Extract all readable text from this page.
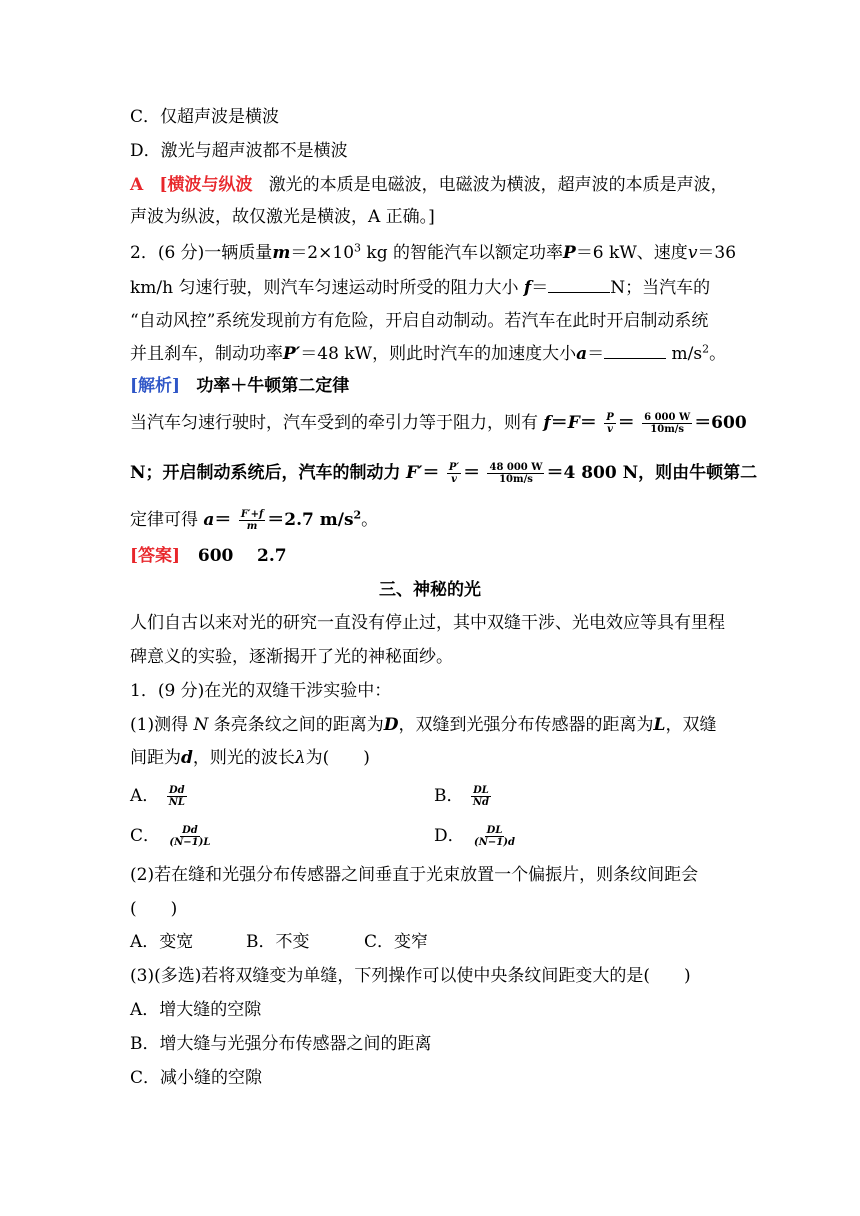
C．仅超声波是横波
D．激光与超声波都不是横波
A [横波与纵波 激光的本质是电磁波，电磁波为横波，超声波的本质是声波，
声波为纵波，故仅激光是横波，A 正确。]
2．(6 分)一辆质量$m=2\times 10^3$ kg 的智能汽车以额定功率P＝6 kW、速度v＝36
km/h 匀速行驶，则汽车匀速运动时所受的阻力大小 f＝	N；当汽车的
“自动风控”系统发现前方有危险，开启自动制动。若汽车在此时开启制动系统
并且刹车，制动功率P′＝48 kW，则此时汽车的加速度大小a＝	$m/s^2$。
[解析] 功率＋牛顿第二定律
当汽车匀速行驶时，汽车受到的牵引力等于阻力，则有 $f=F= \frac{P}{v} = \frac{6 000 W}{10m/s} =600$
N；开启制动系统后，汽车的制动力 $F'= \frac{P'}{v} = \frac{48 000 W}{10m/s} =4$ 800 N，则由牛顿第二
定律可得 $a= \frac{F'+f}{m} =2.7$ $m/s^2$。
[答案] 600    2.7
三、神秘的光
人们自古以来对光的研究一直没有停止过，其中双缝干涉、光电效应等具有里程
碑意义的实验，逐渐揭开了光的神秘面纱。
1．(9 分)在光的双缝干涉实验中：
(1)测得 N 条亮条纹之间的距离为D，双缝到光强分布传感器的距离为L，双缝
间距为d，则光的波长λ为(　　)
A． $\frac{Dd}{NL}$	B． $\frac{DL}{Nd}$
C． $\frac{Dd}{(N-1)L}$	D． $\frac{DL}{(N-1)d}$
(2)若在缝和光强分布传感器之间垂直于光束放置一个偏振片，则条纹间距会
(　　)
A．变宽	B．不变	C．变窄
(3)(多选)若将双缝变为单缝，下列操作可以使中央条纹间距变大的是(　　)
A．增大缝的空隙
B．增大缝与光强分布传感器之间的距离
C．减小缝的空隙
